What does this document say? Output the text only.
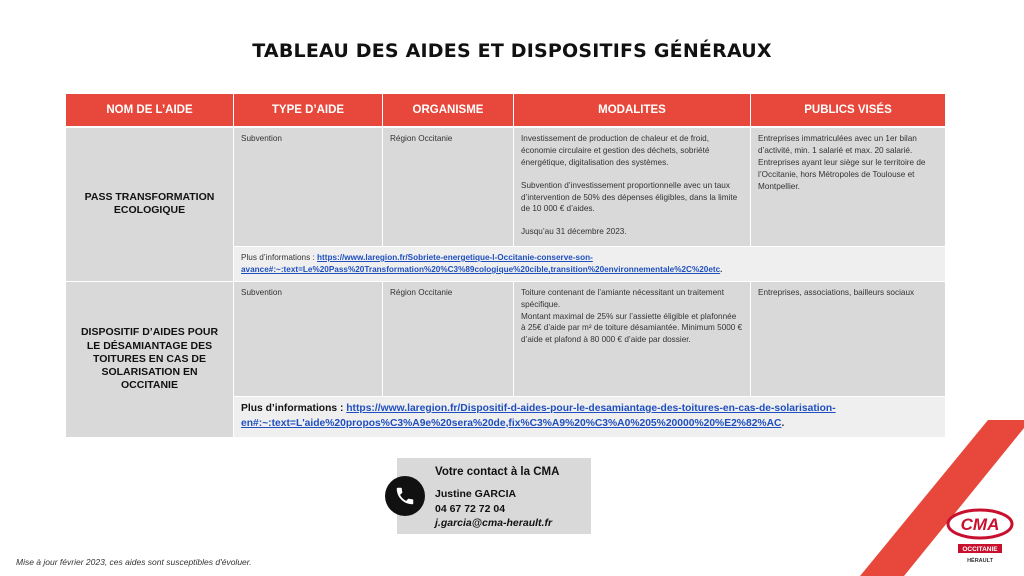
TABLEAU DES AIDES ET DISPOSITIFS GÉNÉRAUX
NOM DE L’AIDE	TYPE D’AIDE	ORGANISME	MODALITES	PUBLICS VISÉS
PASS TRANSFORMATION ECOLOGIQUE	Subvention	Région Occitanie	Investissement de production de chaleur et de froid, économie circulaire et gestion des déchets, sobriété énergétique, digitalisation des systèmes.
Subvention d’investissement proportionnelle avec un taux d’intervention de 50% des dépenses éligibles, dans la limite de 10 000 € d’aides.
Jusqu’au 31 décembre 2023.	Entreprises immatriculées avec un 1er bilan d’activité, min. 1 salarié et max. 20 salarié.
Entreprises ayant leur siège sur le territoire de l’Occitanie, hors Métropoles de Toulouse et Montpellier.

	Plus d’informations : https://www.laregion.fr/Sobriete-energetique-l-Occitanie-conserve-son-avance#:~:text=Le%20Pass%20Transformation%20%C3%89cologique%20cible,transition%20environnementale%2C%20etc.			
DISPOSITIF D’AIDES POUR LE DÉSAMIANTAGE DES TOITURES EN CAS DE SOLARISATION EN OCCITANIE	Subvention	Région Occitanie	Toiture contenant de l’amiante nécessitant un traitement spécifique.
Montant maximal de 25% sur l’assiette éligible et plafonnée à 25€ d’aide par m² de toiture désamiantée. Minimum 5000 € d’aide et plafond à 80 000 € d’aide par dossier.	Entreprises, associations, bailleurs sociaux

	Plus d’informations : https://www.laregion.fr/Dispositif-d-aides-pour-le-desamiantage-des-toitures-en-cas-de-solarisation-en#:~:text=L'aide%20propos%C3%A9e%20sera%20de,fix%C3%A9%20%C3%A0%205%20000%20%E2%82%AC.			
Votre contact à la CMA
Justine GARCIA
04 67 72 72 04
j.garcia@cma-herault.fr
Mise à jour février 2023, ces aides sont susceptibles d'évoluer.
CMA
OCCITANIE
HÉRAULT
